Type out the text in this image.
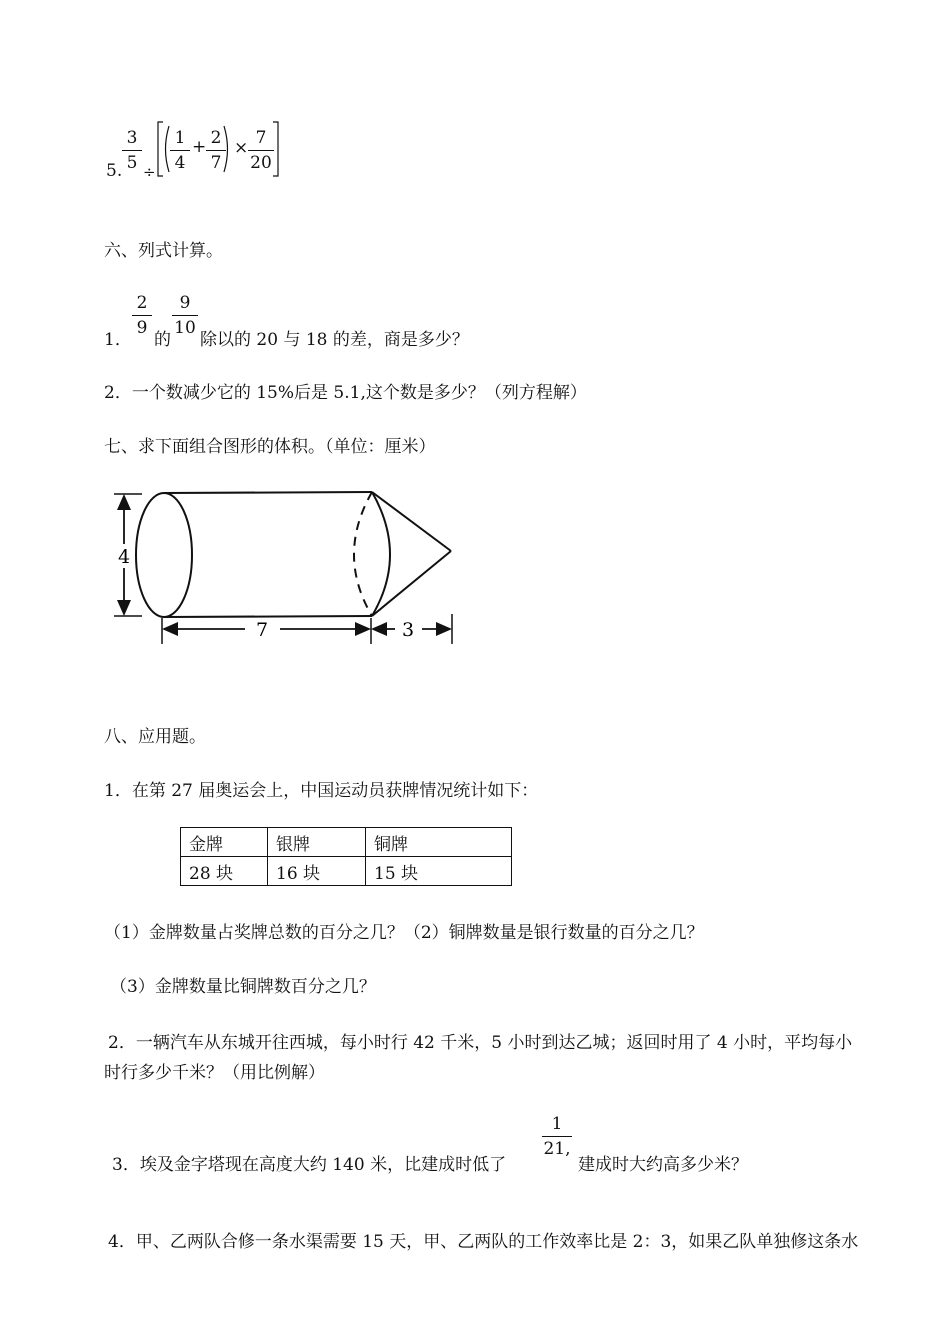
5. $\frac{3}{5} \div \frac{1}{4} + \frac{2}{7} \times \frac{7}{20}$
六、列式计算。
1． $\frac{2}{9}$ 的 $\frac{9}{10}$ 除以的 20 与 18 的差，商是多少？
2．一个数减少它的 15%后是 5.1,这个数是多少？（列方程解）
七、求下面组合图形的体积。（单位：厘米）
4
7	3
八、应用题。
1．在第 27 届奥运会上，中国运动员获牌情况统计如下：
金牌	银牌	铜牌
28 块	16 块	15 块
（1）金牌数量占奖牌总数的百分之几？（2）铜牌数量是银行数量的百分之几？
（3）金牌数量比铜牌数百分之几？
2．一辆汽车从东城开往西城，每小时行 42 千米，5 小时到达乙城；返回时用了 4 小时，平均每小
时行多少千米？（用比例解）
3．埃及金字塔现在高度大约 140 米，比建成时低了
$\frac{1}{21,}$
建成时大约高多少米？
4．甲、乙两队合修一条水渠需要 15 天，甲、乙两队的工作效率比是 2：3，如果乙队单独修这条水
